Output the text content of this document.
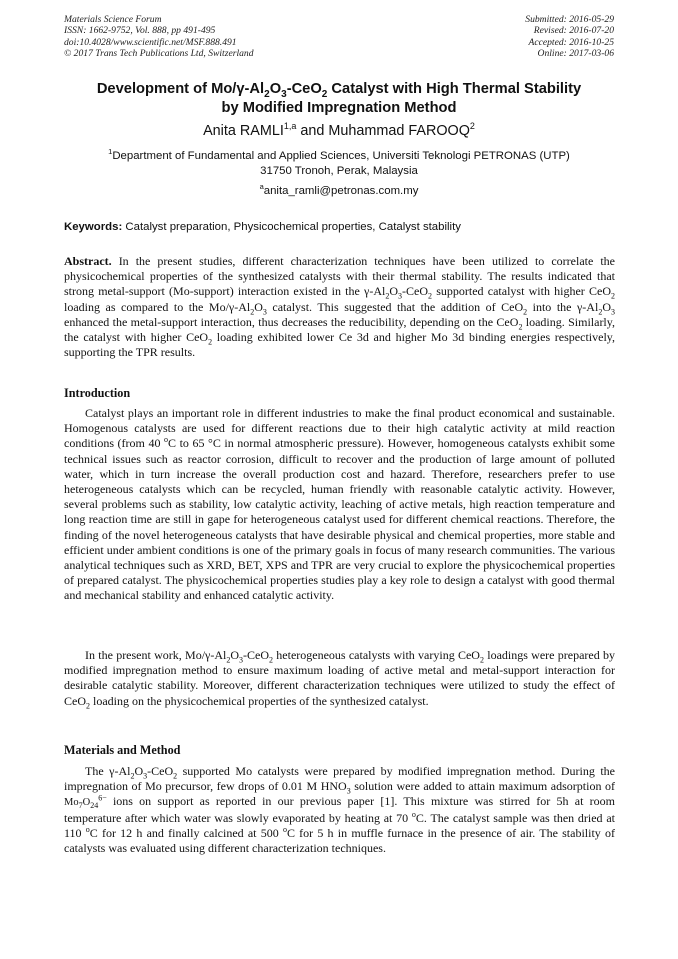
Materials Science Forum
ISSN: 1662-9752, Vol. 888, pp 491-495
doi:10.4028/www.scientific.net/MSF.888.491
© 2017 Trans Tech Publications Ltd, Switzerland
Submitted: 2016-05-29
Revised: 2016-07-20
Accepted: 2016-10-25
Online: 2017-03-06
Development of $Mo/\gamma-Al_2O_3-CeO_2$ Catalyst with High Thermal Stability
by Modified Impregnation Method
Anita RAMLI$^{1,a}$ and Muhammad FAROOQ$^2$
$^1$Department of Fundamental and Applied Sciences, Universiti Teknologi PETRONAS (UTP)
31750 Tronoh, Perak, Malaysia
$^a$anita_ramli@petronas.com.my
Keywords: Catalyst preparation, Physicochemical properties, Catalyst stability

Abstract. In the present studies, different characterization techniques have been utilized to correlate the physicochemical properties of the synthesized catalysts with their thermal stability. The results indicated that strong metal-support (Mo-support) interaction existed in the $\gamma-Al_2O_3-CeO_2$ supported catalyst with higher CeO$_2$ loading as compared to the $Mo/\gamma-Al_2O_3$ catalyst. This suggested that the addition of CeO$_2$ into the $\gamma-Al_2O_3$ enhanced the metal-support interaction, thus decreases the reducibility, depending on the CeO$_2$ loading. Similarly, the catalyst with higher CeO$_2$ loading exhibited lower Ce 3d and higher Mo 3d binding energies respectively, supporting the TPR results.

Introduction

Catalyst plays an important role in different industries to make the final product economical and sustainable. Homogenous catalysts are used for different reactions due to their high catalytic activity at mild reaction conditions (from 40 $^o$C to 65 °C in normal atmospheric pressure). However, homogeneous catalysts exhibit some technical issues such as reactor corrosion, difficult to recover and the production of large amount of polluted water, which in turn increase the overall production cost and hazard. Therefore, researchers prefer to use heterogeneous catalysts which can be recycled, human friendly with reasonable catalytic activity. However, several problems such as stability, low catalytic activity, leaching of active metals, high reaction temperature and long reaction time are still in gape for heterogeneous catalyst used for different chemical reactions. Therefore, the finding of the novel heterogeneous catalysts that have desirable physical and chemical properties, more stable and efficient under ambient conditions is one of the primary goals in focus of many research communities. The various analytical techniques such as XRD, BET, XPS and TPR are very crucial to explore the physicochemical properties of prepared catalyst. The physicochemical properties studies play a key role to design a catalyst with good thermal and mechanical stability and enhanced catalytic activity.

In the present work, $Mo/\gamma-Al_2O_3-CeO_2$ heterogeneous catalysts with varying CeO$_2$ loadings were prepared by modified impregnation method to ensure maximum loading of active metal and metal-support interaction for desirable catalytic stability. Moreover, different characterization techniques were utilized to study the effect of CeO$_2$ loading on the physicochemical properties of the synthesized catalyst.

Materials and Method

The $\gamma-Al_2O_3-CeO_2$ supported Mo catalysts were prepared by modified impregnation method. During the impregnation of Mo precursor, few drops of 0.01 M $HNO_3$ solution were added to attain maximum adsorption of $Mo_7O_{24}^{6-}$ ions on support as reported in our previous paper [1]. This mixture was stirred for 5h at room temperature after which water was slowly evaporated by heating at 70 $^o$C. The catalyst sample was then dried at 110 $^o$C for 12 h and finally calcined at 500 $^o$C for 5 h in muffle furnace in the presence of air. The stability of catalysts was evaluated using different characterization techniques.
